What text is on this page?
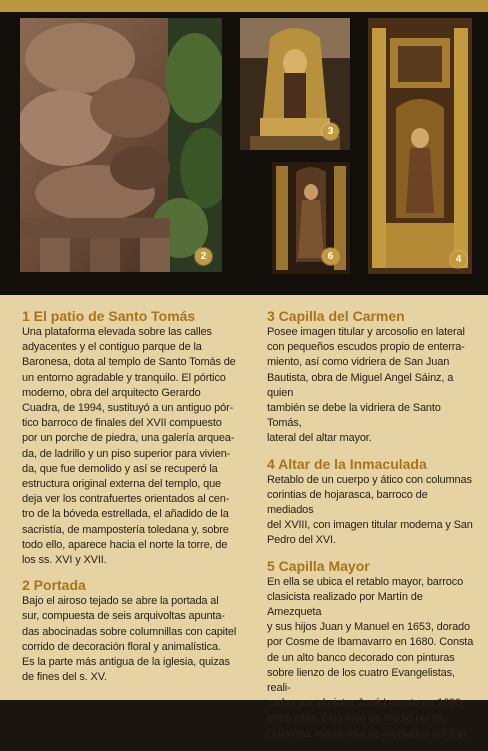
2
3
6	4
1 El patio de Santo Tomás
Una plataforma elevada sobre las calles
adyacentes y el contiguo parque de la
Baronesa, dota al templo de Santo Tomás de
un entorno agradable y tranquilo. El pórtico
moderno, obra del arquitecto Gerardo
Cuadra, de 1994, sustituyó a un antiguo pór-
tico barroco de finales del XVII compuesto
por un porche de piedra, una galería arquea-
da, de ladrillo y un piso superior para vivien-
da, que fue demolido y así se recuperó la
estructura original externa del templo, que
deja ver los contrafuertes orientados al cen-
tro de la bóveda estrellada, el añadido de la
sacristía, de mampostería toledana y, sobre
todo ello, aparece hacia el norte la torre, de
los ss. XVI y XVII.
2 Portada
Bajo el airoso tejado se abre la portada al
sur, compuesta de seis arquivoltas apunta-
das abocinadas sobre columnillas con capitel
corrido de decoración floral y animalística.
Es la parte más antigua de la iglesia, quizas
de fines del s. XV.
3 Capilla del Carmen
Posee imagen titular y arcosolio en lateral
con pequeños escudos propio de enterra-
miento, así como vidriera de San Juan
Bautista, obra de Miguel Angel Sáinz, a quien
también se debe la vidriera de Santo Tomás,
lateral del altar mayor.
4 Altar de la Inmaculada
Retablo de un cuerpo y ático con columnas
corintias de hojarasca, barroco de mediados
del XVIII, con imagen titular moderna y San
Pedro del XVI.
5 Capilla Mayor
En ella se ubica el retablo mayor, barroco
clasicista realizado por Martín de Amezqueta
y sus hijos Juan y Manuel en 1653, dorado
por Cosme de Ibarnavarro en 1680. Consta
de un alto banco decorado con pinturas
sobre lienzo de los cuatro Evangelistas, reali-
zadas por el pintor José Lorente en 1680;
entre ellas, bajo arco de medio punto,
Dolorosa, manierista de mediados del XVI.
